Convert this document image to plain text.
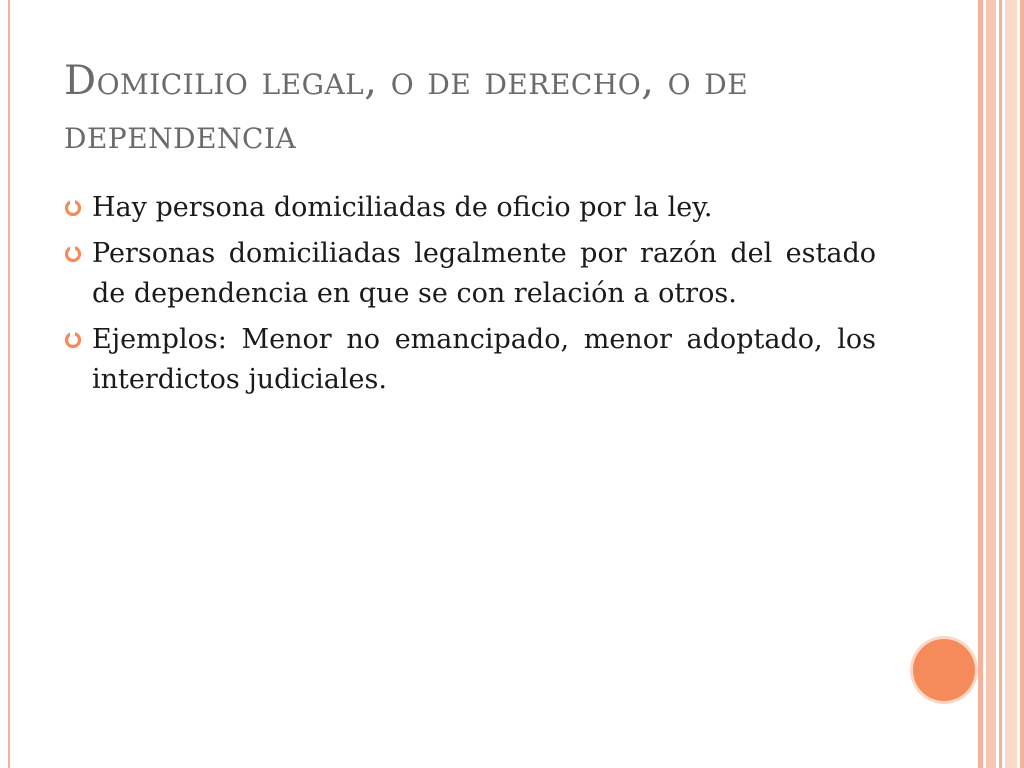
Domicilio legal, o de derecho, o de dependencia
Hay persona domiciliadas de oficio por la ley.
Personas domiciliadas legalmente por razón del estado de dependencia en que se con relación a otros.
Ejemplos: Menor no emancipado, menor adoptado, los interdictos judiciales.
